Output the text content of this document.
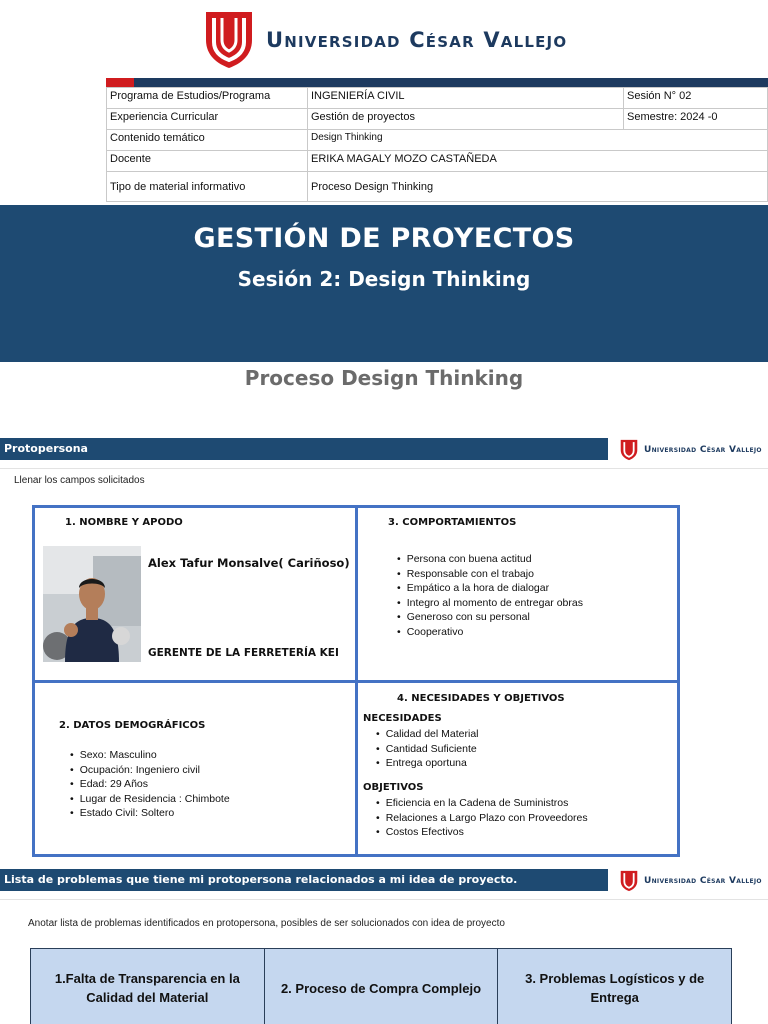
Universidad César Vallejo
Programa de Estudios/Programa	INGENIERÍA CIVIL	Sesión N° 02
Experiencia Curricular	Gestión de proyectos	Semestre: 2024 -0
Contenido temático	Design Thinking	
Docente	ERIKA MAGALY MOZO CASTAÑEDA	
Tipo de material informativo	Proceso Design Thinking	
GESTIÓN DE PROYECTOS
Sesión 2: Design Thinking
Proceso Design Thinking
Protopersona	Universidad César Vallejo
Llenar los campos solicitados
1. NOMBRE Y APODO
Alex Tafur Monsalve( Cariñoso)
GERENTE DE LA FERRETERÍA KEI
3. COMPORTAMIENTOS
• Persona con buena actitud
• Responsable con el trabajo
• Empático a la hora de dialogar
• Integro al momento de entregar obras
• Generoso con su personal
• Cooperativo
2. DATOS DEMOGRÁFICOS
• Sexo: Masculino
• Ocupación: Ingeniero civil
• Edad: 29 Años
• Lugar de Residencia : Chimbote
• Estado Civil: Soltero
4. NECESIDADES Y OBJETIVOS
NECESIDADES
• Calidad del Material
• Cantidad Suficiente
• Entrega oportuna
OBJETIVOS
• Eficiencia en la Cadena de Suministros
• Relaciones a Largo Plazo con Proveedores
• Costos Efectivos
Lista de problemas que tiene mi protopersona relacionados a mi idea de proyecto.	Universidad César Vallejo
Anotar lista de problemas identificados en protopersona, posibles de ser solucionados con idea de proyecto
1.Falta de Transparencia en la Calidad del Material
2. Proceso de Compra Complejo
3. Problemas Logísticos y de Entrega
